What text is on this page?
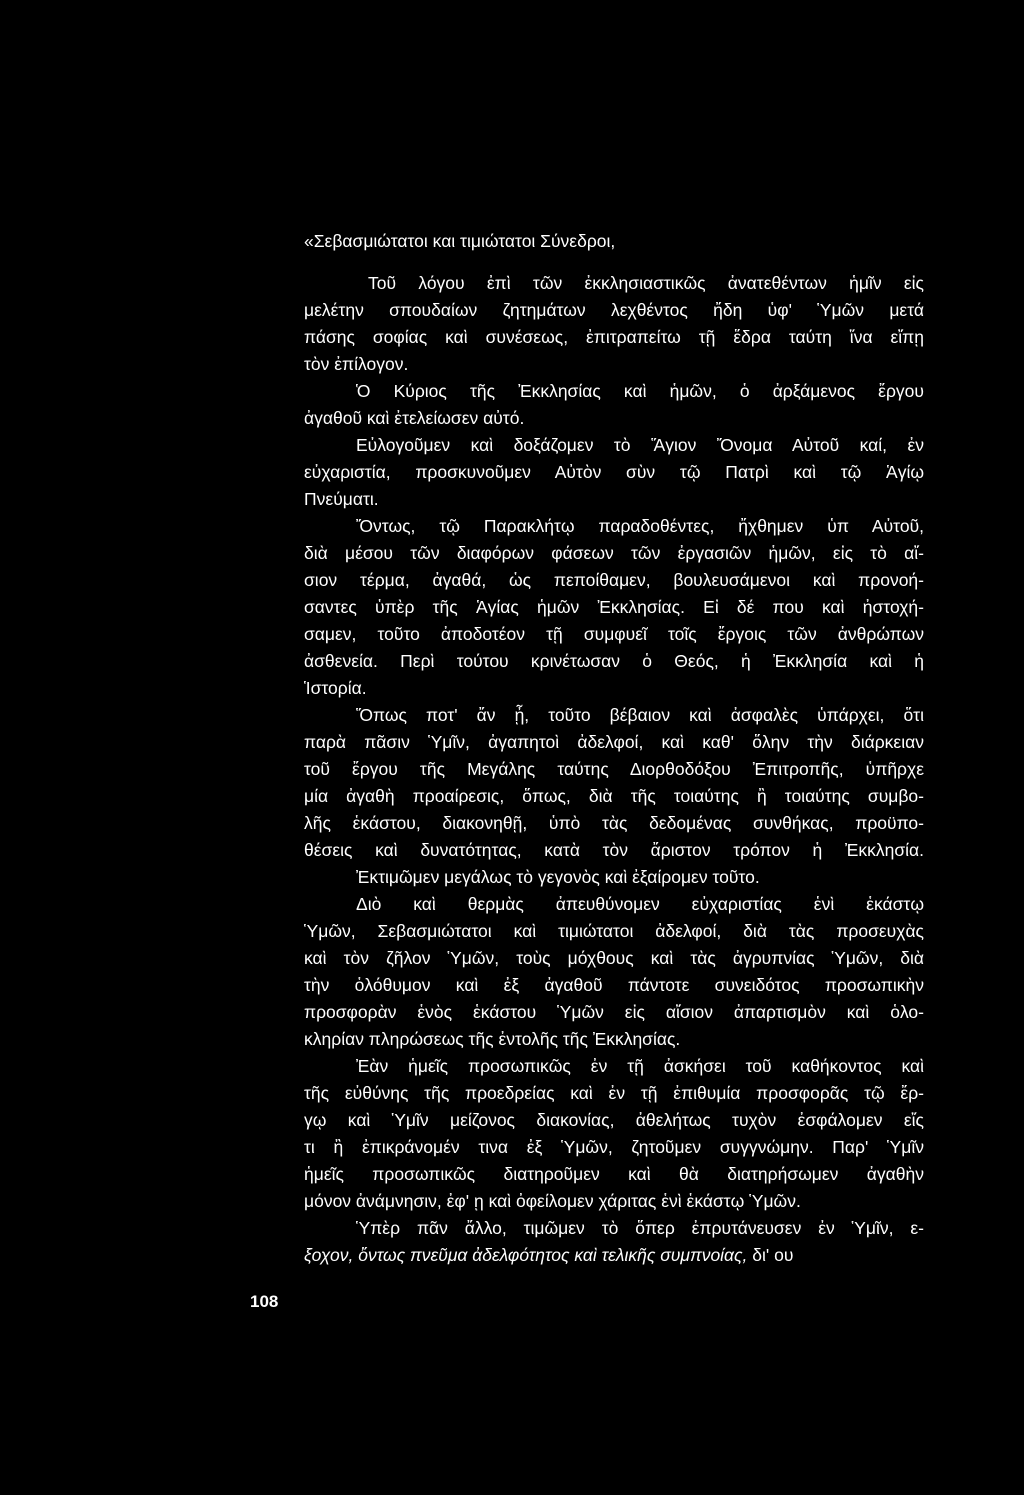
«Σεβασμιώτατοι και τιμιώτατοι Σύνεδροι,
Τοῦ λόγου ἐπὶ τῶν ἐκκλησιαστικῶς ἀνατεθέντων ἡμῖν εἰς
μελέτην σπουδαίων ζητημάτων λεχθέντος ἤδη ὑφ' Ὑμῶν μετά
πάσης σοφίας καὶ συνέσεως, ἐπιτραπείτω τῇ ἕδρα ταύτη ἵνα εἴπῃ
τὸν ἐπίλογον.
Ὁ Κύριος τῆς Ἐκκλησίας καὶ ἡμῶν, ὁ ἀρξάμενος ἔργου
ἀγαθοῦ καὶ ἐτελείωσεν αὐτό.
Εὐλογοῦμεν καὶ δοξάζομεν τὸ Ἅγιον Ὄνομα Αὐτοῦ καί, ἐν
εὐχαριστία, προσκυνοῦμεν Αὐτὸν σὺν τῷ Πατρὶ καὶ τῷ Ἁγίῳ
Πνεύματι.
Ὄντως, τῷ Παρακλήτῳ παραδοθέντες, ἤχθημεν ὑπ Αὐτοῦ,
διὰ μέσου τῶν διαφόρων φάσεων τῶν ἐργασιῶν ἡμῶν, εἰς τὸ αἴ-
σιον τέρμα, ἀγαθά, ὡς πεποίθαμεν, βουλευσάμενοι καὶ προνοή-
σαντες ὑπὲρ τῆς Ἁγίας ἡμῶν Ἐκκλησίας. Εἰ δέ που καὶ ἠστοχή-
σαμεν, τοῦτο ἀποδοτέον τῇ συμφυεῖ τοῖς ἔργοις τῶν ἀνθρώπων
ἀσθενεία. Περὶ τούτου κρινέτωσαν ὁ Θεός, ἡ Ἐκκλησία καὶ ἡ
Ἱστορία.
Ὅπως ποτ' ἄν ᾖ, τοῦτο βέβαιον καὶ ἀσφαλὲς ὑπάρχει, ὅτι
παρὰ πᾶσιν Ὑμῖν, ἀγαπητοὶ ἀδελφοί, καὶ καθ' ὅλην τὴν διάρκειαν
τοῦ ἔργου τῆς Μεγάλης ταύτης Διορθοδόξου Ἐπιτροπῆς, ὑπῆρχε
μία ἀγαθὴ προαίρεσις, ὅπως, διὰ τῆς τοιαύτης ἢ τοιαύτης συμβο-
λῆς ἑκάστου, διακονηθῇ, ὑπὸ τὰς δεδομένας συνθήκας, προϋπο-
θέσεις καὶ δυνατότητας, κατὰ τὸν ἄριστον τρόπον ἡ Ἐκκλησία.
Ἐκτιμῶμεν μεγάλως τὸ γεγονὸς καὶ ἐξαίρομεν τοῦτο.
Διὸ καὶ θερμὰς ἀπευθύνομεν εὐχαριστίας ἑνὶ ἑκάστῳ
Ὑμῶν, Σεβασμιώτατοι καὶ τιμιώτατοι ἀδελφοί, διὰ τὰς προσευχὰς
καὶ τὸν ζῆλον Ὑμῶν, τοὺς μόχθους καὶ τὰς ἀγρυπνίας Ὑμῶν, διὰ
τὴν ὁλόθυμον καὶ ἐξ ἀγαθοῦ πάντοτε συνειδότος προσωπικὴν
προσφορὰν ἑνὸς ἑκάστου Ὑμῶν εἰς αἴσιον ἀπαρτισμὸν καὶ ὁλο-
κληρίαν πληρώσεως τῆς ἐντολῆς τῆς Ἐκκλησίας.
Ἐὰν ἡμεῖς προσωπικῶς ἐν τῇ ἀσκήσει τοῦ καθήκοντος καὶ
τῆς εὐθύνης τῆς προεδρείας καὶ ἐν τῇ ἐπιθυμία προσφορᾶς τῷ ἔρ-
γῳ καὶ Ὑμῖν μείζονος διακονίας, ἀθελήτως τυχὸν ἐσφάλομεν εἴς
τι ἢ ἐπικράνομέν τινα ἐξ Ὑμῶν, ζητοῦμεν συγγνώμην. Παρ' Ὑμῖν
ἡμεῖς προσωπικῶς διατηροῦμεν καὶ θὰ διατηρήσωμεν ἀγαθὴν
μόνον ἀνάμνησιν, ἐφ' ῃ καὶ ὀφείλομεν χάριτας ἑνὶ ἑκάστῳ Ὑμῶν.
Ὑπὲρ πᾶν ἄλλο, τιμῶμεν τὸ ὅπερ ἐπρυτάνευσεν ἐν Ὑμῖν, ε-
ξοχον, ὄντως πνεῦμα ἀδελφότητος καὶ τελικῆς συμπνοίας, δι' ου
108
